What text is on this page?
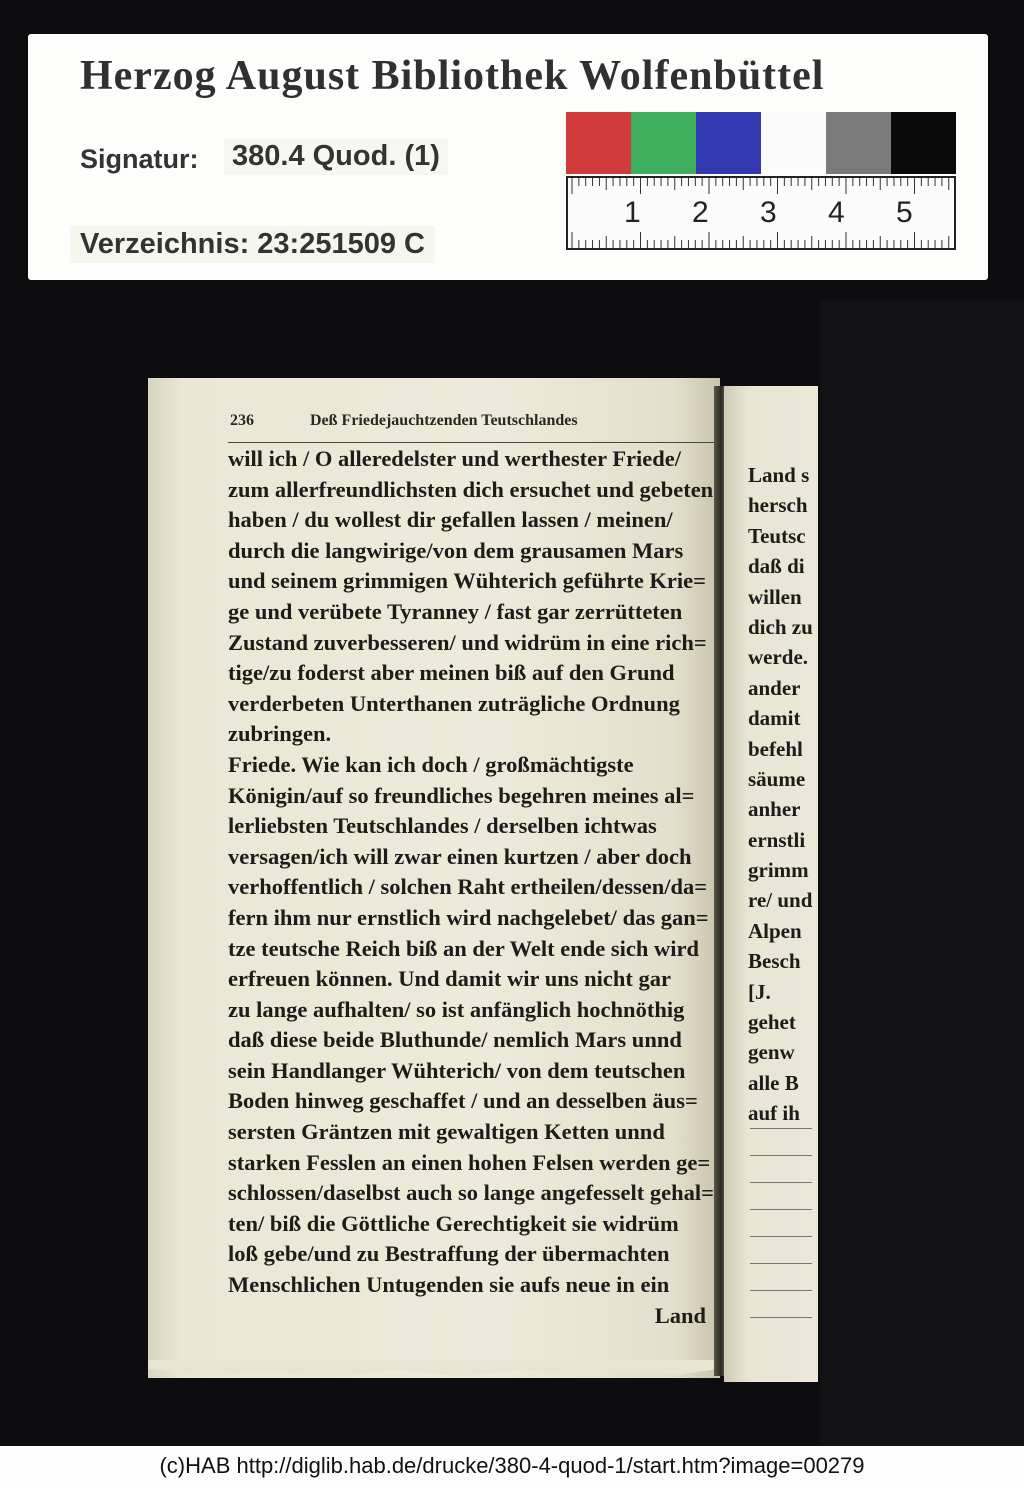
Herzog August Bibliothek Wolfenbüttel
Signatur: 380.4 Quod. (1)
Verzeichnis: 23:251509 C
1 2 3 4 5
236	Deß Friedejauchtzenden Teutschlandes
will ich / O alleredelster und werthester Friede/
zum allerfreundlichsten dich ersuchet und gebeten
haben / du wollest dir gefallen lassen / meinen/
durch die langwirige/von dem grausamen Mars
und seinem grimmigen Wühterich geführte Krie=
ge und verübete Tyranney / fast gar zerrütteten
Zustand zuverbesseren/ und widrüm in eine rich=
tige/zu foderst aber meinen biß auf den Grund
verderbeten Unterthanen zuträgliche Ordnung
zubringen.
Friede. Wie kan ich doch / großmächtigste
Königin/auf so freundliches begehren meines al=
lerliebsten Teutschlandes / derselben ichtwas
versagen/ich will zwar einen kurtzen / aber doch
verhoffentlich / solchen Raht ertheilen/dessen/da=
fern ihm nur ernstlich wird nachgelebet/ das gan=
tze teutsche Reich biß an der Welt ende sich wird
erfreuen können. Und damit wir uns nicht gar
zu lange aufhalten/ so ist anfänglich hochnöthig
daß diese beide Bluthunde/ nemlich Mars unnd
sein Handlanger Wühterich/ von dem teutschen
Boden hinweg geschaffet / und an desselben äus=
sersten Gräntzen mit gewaltigen Ketten unnd
starken Fesslen an einen hohen Felsen werden ge=
schlossen/daselbst auch so lange angefesselt gehal=
ten/ biß die Göttliche Gerechtigkeit sie widrüm
loß gebe/und zu Bestraffung der übermachten
Menschlichen Untugenden sie aufs neue in ein
Land
Land s
hersch
Teutsc
daß di
willen
dich zu
werde.
ander
damit
befehl
säume
anher
ernstli
grimm
re/ und
Alpen
Besch
[J.
gehet
genw
alle B
auf ih
(c)HAB http://diglib.hab.de/drucke/380-4-quod-1/start.htm?image=00279
